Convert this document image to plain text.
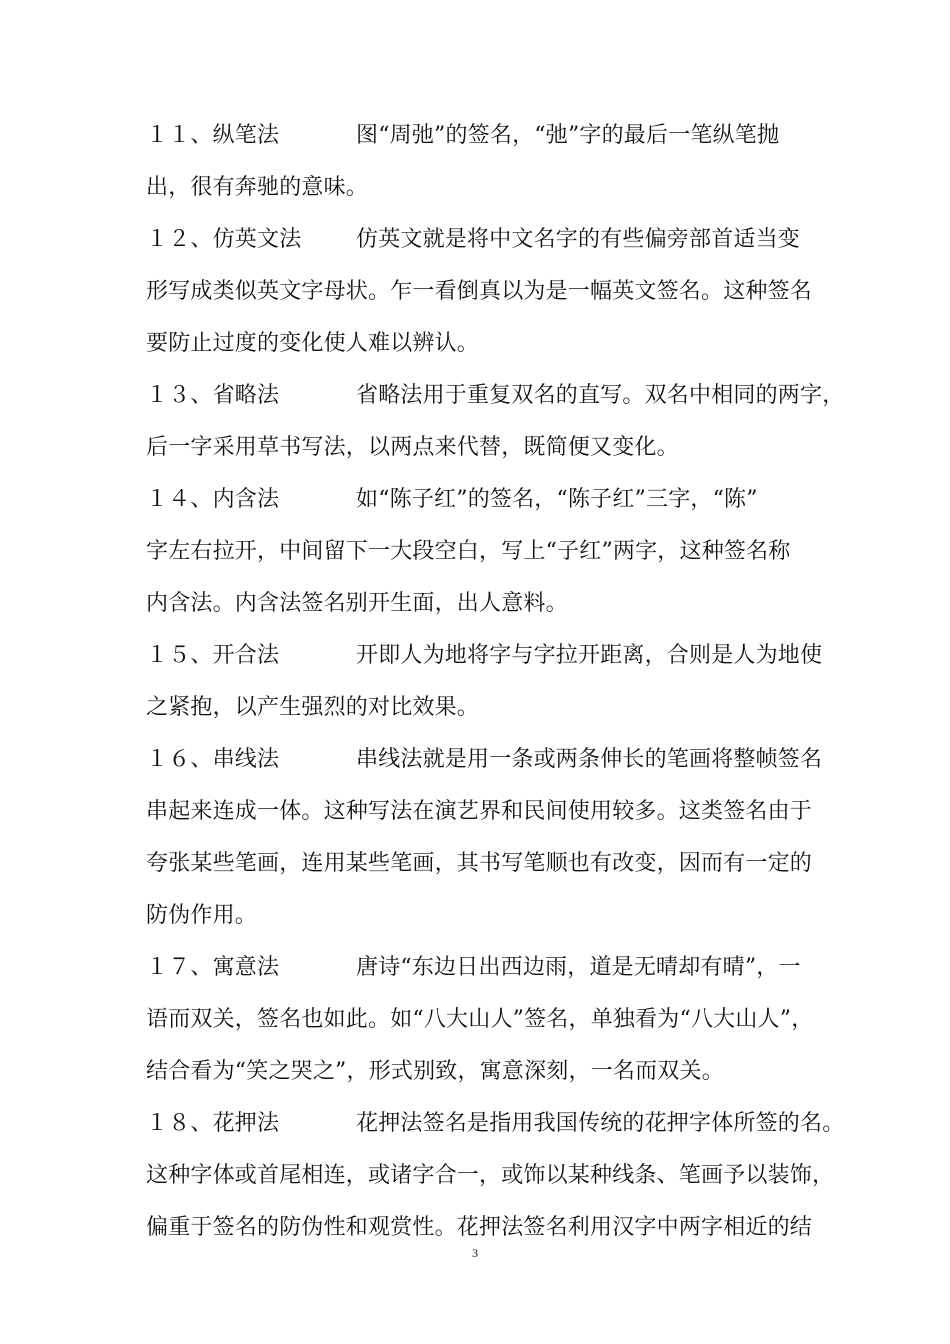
１１、纵笔法	图“周弛”的签名，“弛”字的最后一笔纵笔抛
出，很有奔驰的意味。
１２、仿英文法 仿英文就是将中文名字的有些偏旁部首适当变
形写成类似英文字母状。乍一看倒真以为是一幅英文签名。这种签名
要防止过度的变化使人难以辨认。
１３、省略法	省略法用于重复双名的直写。双名中相同的两字，
后一字采用草书写法，以两点来代替，既简便又变化。
１４、内含法	如“陈子红”的签名，“陈子红”三字，“陈”
字左右拉开，中间留下一大段空白，写上“子红”两字，这种签名称
内含法。内含法签名别开生面，出人意料。
１５、开合法	开即人为地将字与字拉开距离，合则是人为地使
之紧抱，以产生强烈的对比效果。
１６、串线法	串线法就是用一条或两条伸长的笔画将整帧签名
串起来连成一体。这种写法在演艺界和民间使用较多。这类签名由于
夸张某些笔画，连用某些笔画，其书写笔顺也有改变，因而有一定的
防伪作用。
１７、寓意法	唐诗“东边日出西边雨，道是无晴却有晴”，一
语而双关，签名也如此。如“八大山人”签名，单独看为“八大山人”，
结合看为“笑之哭之”，形式别致，寓意深刻，一名而双关。
１８、花押法	花押法签名是指用我国传统的花押字体所签的名。
这种字体或首尾相连，或诸字合一，或饰以某种线条、笔画予以装饰，
偏重于签名的防伪性和观赏性。花押法签名利用汉字中两字相近的结
3
